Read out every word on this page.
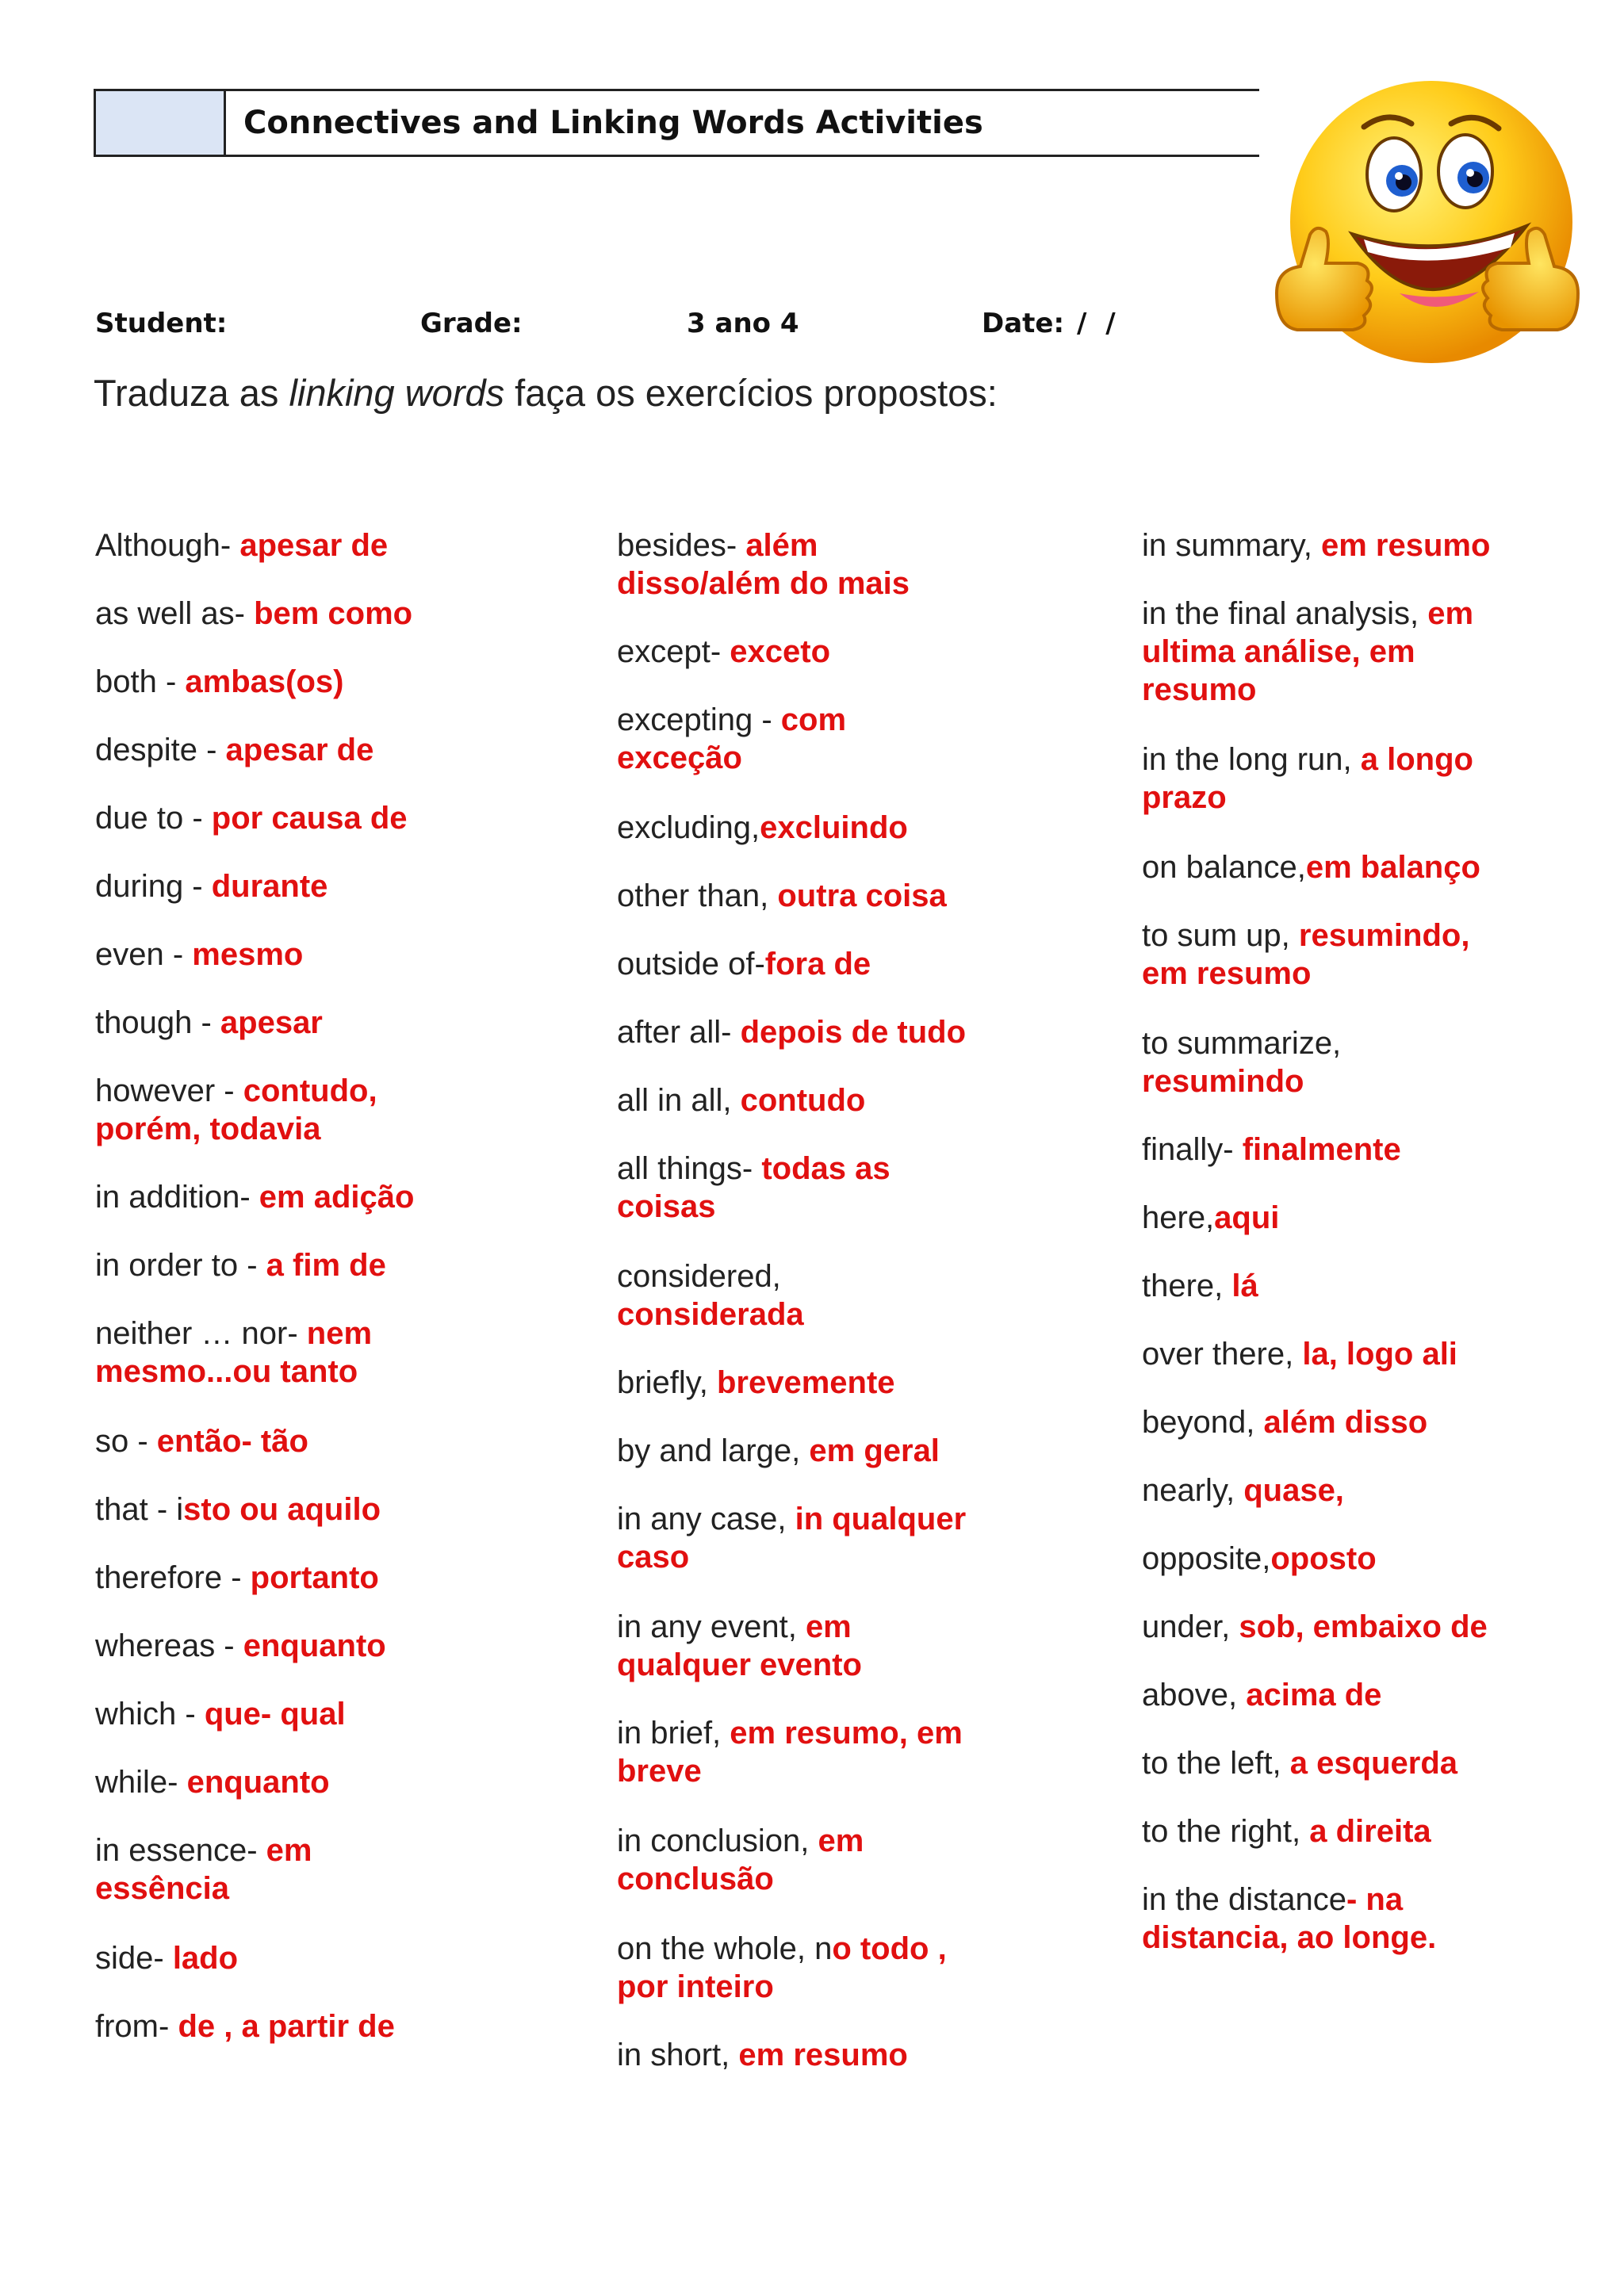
Connectives and Linking Words Activities
Student:	Grade:	3 ano 4	Date: / /
Traduza as linking words faça os exercícios propostos:
Although- apesar de
as well as- bem como
both - ambas(os)
despite - apesar de
due to - por causa de
during - durante
even - mesmo
though - apesar
however - contudo, porém, todavia
in addition- em adição
in order to - a fim de
neither … nor- nem mesmo...ou tanto
so - então- tão
that - isto ou aquilo
therefore - portanto
whereas - enquanto
which - que- qual
while- enquanto
in essence- em essência
side- lado
from- de , a partir de
besides- além disso/além do mais
except- exceto
excepting - com exceção
excluding,excluindo
other than, outra coisa
outside of-fora de
after all- depois de tudo
all in all, contudo
all things- todas as coisas
considered, considerada
briefly, brevemente
by and large, em geral
in any case, in qualquer caso
in any event, em qualquer evento
in brief, em resumo, em breve
in conclusion, em conclusão
on the whole, no todo , por inteiro
in short, em resumo
in summary, em resumo
in the final analysis, em ultima análise, em resumo
in the long run, a longo prazo
on balance,em balanço
to sum up, resumindo, em resumo
to summarize, resumindo
finally- finalmente
here,aqui
there, lá
over there, la, logo ali
beyond, além disso
nearly, quase,
opposite,oposto
under, sob, embaixo de
above, acima de
to the left, a esquerda
to the right, a direita
in the distance- na distancia, ao longe.
